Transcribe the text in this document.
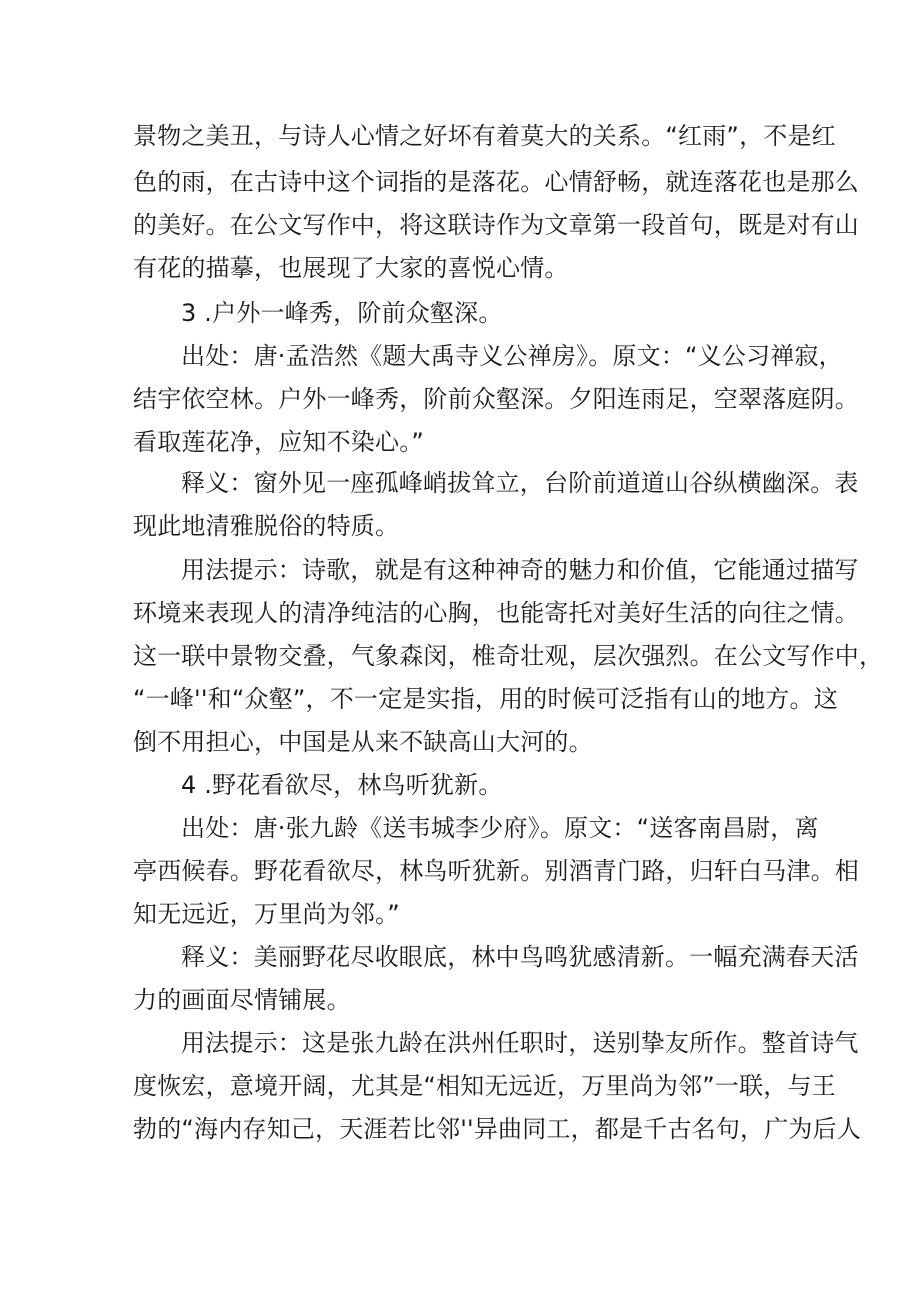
景物之美丑，与诗人心情之好坏有着莫大的关系。“红雨”，不是红
色的雨，在古诗中这个词指的是落花。心情舒畅，就连落花也是那么
的美好。在公文写作中，将这联诗作为文章第一段首句，既是对有山
有花的描摹，也展现了大家的喜悦心情。
3 .户外一峰秀，阶前众壑深。
出处：唐·孟浩然《题大禹寺义公禅房》。原文：“义公习禅寂，
结宇依空林。户外一峰秀，阶前众壑深。夕阳连雨足，空翠落庭阴。
看取莲花净，应知不染心。”
释义：窗外见一座孤峰峭拔耸立，台阶前道道山谷纵横幽深。表
现此地清雅脱俗的特质。
用法提示：诗歌，就是有这种神奇的魅力和价值，它能通过描写
环境来表现人的清净纯洁的心胸，也能寄托对美好生活的向往之情。
这一联中景物交叠，气象森闵，椎奇壮观，层次强烈。在公文写作中，
“一峰''和“众壑”，不一定是实指，用的时候可泛指有山的地方。这
倒不用担心，中国是从来不缺高山大河的。
4 .野花看欲尽，林鸟听犹新。
出处：唐·张九龄《送韦城李少府》。原文：“送客南昌尉，离
亭西候春。野花看欲尽，林鸟听犹新。别酒青门路，归轩白马津。相
知无远近，万里尚为邻。”
释义：美丽野花尽收眼底，林中鸟鸣犹感清新。一幅充满春天活
力的画面尽情铺展。
用法提示：这是张九龄在洪州任职时，送别挚友所作。整首诗气
度恢宏，意境开阔，尤其是“相知无远近，万里尚为邻”一联，与王
勃的“海内存知己，天涯若比邻''异曲同工，都是千古名句，广为后人
